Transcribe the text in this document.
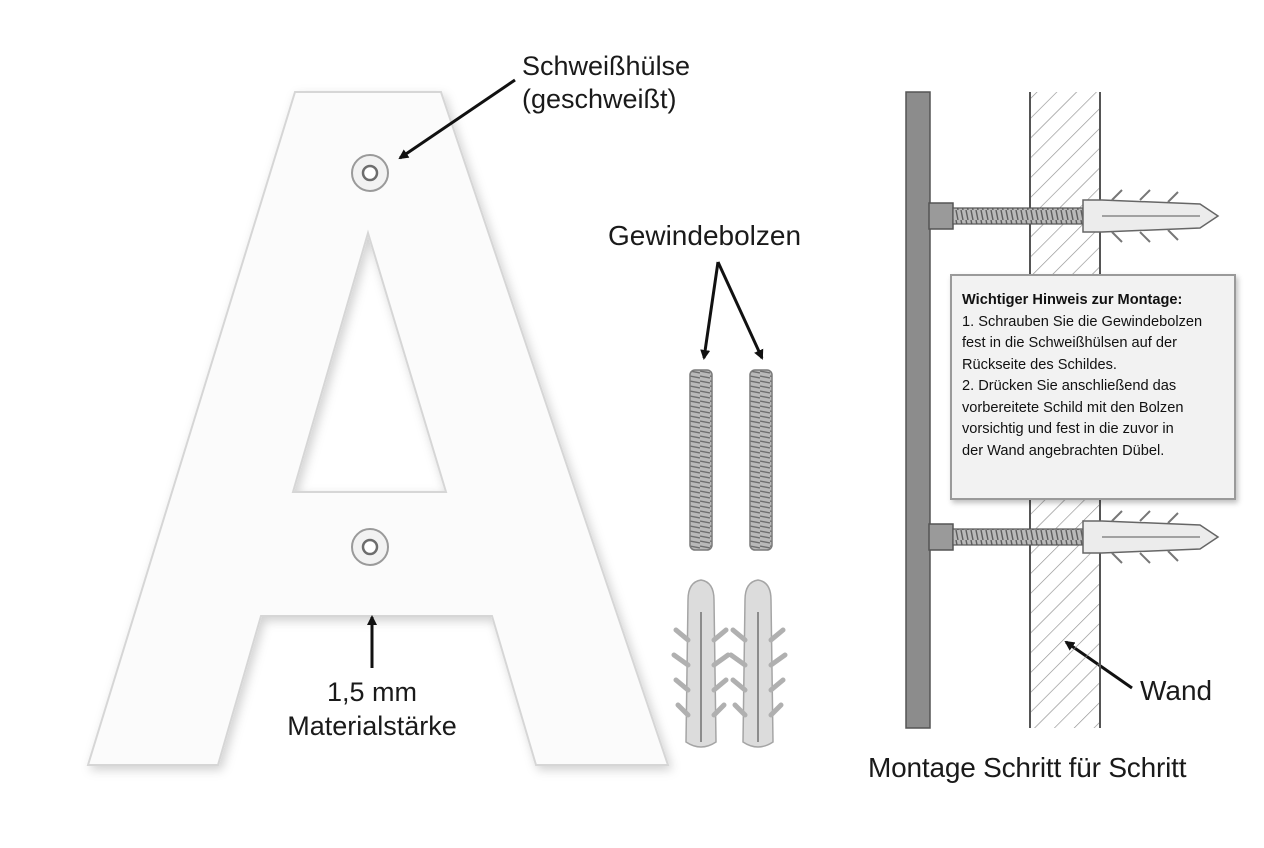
Schweißhülse
(geschweißt)
Gewindebolzen
1,5 mm
Materialstärke
Wand
Montage Schritt für Schritt
Wichtiger Hinweis zur Montage:
1. Schrauben Sie die Gewindebolzen
fest in die Schweißhülsen auf der
Rückseite des Schildes.
2. Drücken Sie anschließend das
vorbereitete Schild mit den Bolzen
vorsichtig und fest in die zuvor in
der Wand angebrachten Dübel.
